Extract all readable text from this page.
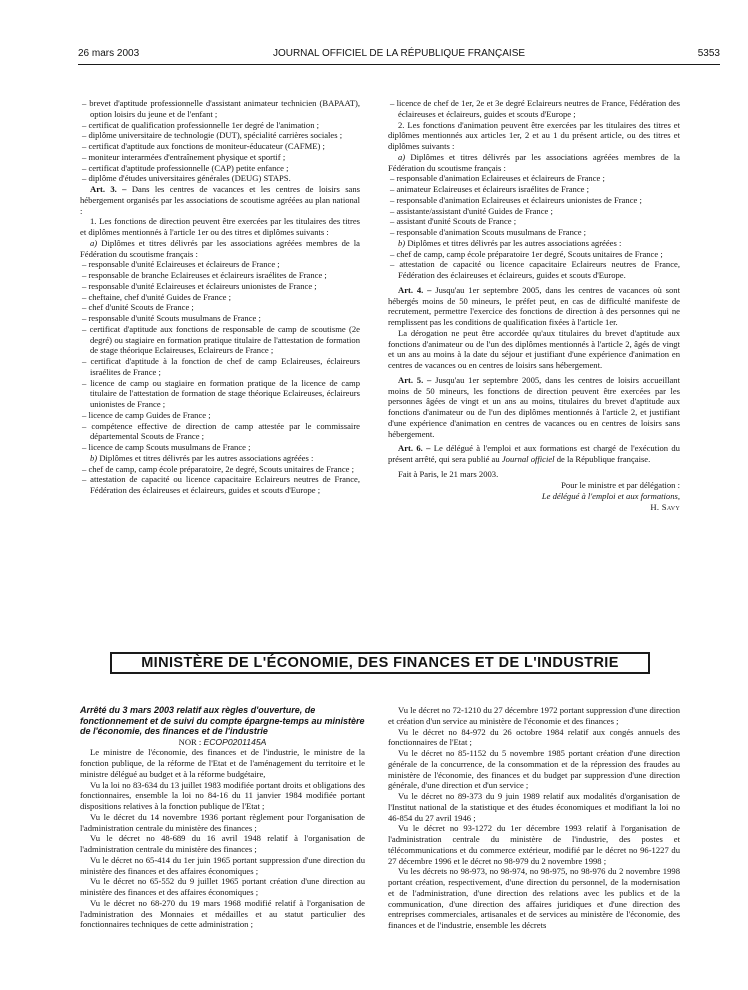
26 mars 2003	JOURNAL OFFICIEL DE LA RÉPUBLIQUE FRANÇAISE	5353

– brevet d'aptitude professionnelle d'assistant animateur technicien (BAPAAT), option loisirs du jeune et de l'enfant ;

– certificat de qualification professionnelle 1er degré de l'animation ;

– diplôme universitaire de technologie (DUT), spécialité carrières sociales ;

– certificat d'aptitude aux fonctions de moniteur-éducateur (CAFME) ;

– moniteur interarmées d'entraînement physique et sportif ;

– certificat d'aptitude professionnelle (CAP) petite enfance ;

– diplôme d'études universitaires générales (DEUG) STAPS.

Art. 3. – Dans les centres de vacances et les centres de loisirs sans hébergement organisés par les associations de scoutisme agréées au plan national :

1. Les fonctions de direction peuvent être exercées par les titulaires des titres et diplômes mentionnés à l'article 1er ou des titres et diplômes suivants :

a) Diplômes et titres délivrés par les associations agréées membres de la Fédération du scoutisme français :

– responsable d'unité Eclaireuses et éclaireurs de France ;

– responsable de branche Eclaireuses et éclaireurs israélites de France ;

– responsable d'unité Eclaireuses et éclaireurs unionistes de France ;

– cheftaine, chef d'unité Guides de France ;

– chef d'unité Scouts de France ;

– responsable d'unité Scouts musulmans de France ;

– certificat d'aptitude aux fonctions de responsable de camp de scoutisme (2e degré) ou stagiaire en formation pratique titulaire de l'attestation de formation de stage théorique Eclaireuses, Eclaireurs de France ;

– certificat d'aptitude à la fonction de chef de camp Eclaireuses, éclaireurs israélites de France ;

– licence de camp ou stagiaire en formation pratique de la licence de camp titulaire de l'attestation de formation de stage théorique Eclaireuses, éclaireurs unionistes de France ;

– licence de camp Guides de France ;

– compétence effective de direction de camp attestée par le commissaire départemental Scouts de France ;

– licence de camp Scouts musulmans de France ;

b) Diplômes et titres délivrés par les autres associations agréées :

– chef de camp, camp école préparatoire, 2e degré, Scouts unitaires de France ;

– attestation de capacité ou licence capacitaire Eclaireurs neutres de France, Fédération des éclaireuses et éclaireurs, guides et scouts d'Europe ;

– licence de chef de 1er, 2e et 3e degré Eclaireurs neutres de France, Fédération des éclaireuses et éclaireurs, guides et scouts d'Europe ;

2. Les fonctions d'animation peuvent être exercées par les titulaires des titres et diplômes mentionnés aux articles 1er, 2 et au 1 du présent article, ou des titres et diplômes suivants :

a) Diplômes et titres délivrés par les associations agréées membres de la Fédération du scoutisme français :

– responsable d'animation Eclaireuses et éclaireurs de France ;

– animateur Eclaireuses et éclaireurs israélites de France ;

– responsable d'animation Eclaireuses et éclaireurs unionistes de France ;

– assistante/assistant d'unité Guides de France ;

– assistant d'unité Scouts de France ;

– responsable d'animation Scouts musulmans de France ;

b) Diplômes et titres délivrés par les autres associations agréées :

– chef de camp, camp école préparatoire 1er degré, Scouts unitaires de France ;

– attestation de capacité ou licence capacitaire Eclaireurs neutres de France, Fédération des éclaireuses et éclaireurs, guides et scouts d'Europe.

Art. 4. – Jusqu'au 1er septembre 2005, dans les centres de vacances où sont hébergés moins de 50 mineurs, le préfet peut, en cas de difficulté manifeste de recrutement, permettre l'exercice des fonctions de direction à des personnes qui ne remplissent pas les conditions de qualification fixées à l'article 1er.

La dérogation ne peut être accordée qu'aux titulaires du brevet d'aptitude aux fonctions d'animateur ou de l'un des diplômes mentionnés à l'article 2, âgés de vingt et un ans au moins à la date du séjour et justifiant d'une expérience d'animation en centres de vacances ou en centres de loisirs sans hébergement.

Art. 5. – Jusqu'au 1er septembre 2005, dans les centres de loisirs accueillant moins de 50 mineurs, les fonctions de direction peuvent être exercées par les personnes âgées de vingt et un ans au moins, titulaires du brevet d'aptitude aux fonctions d'animateur ou de l'un des diplômes mentionnés à l'article 2, et justifiant d'une expérience d'animation en centres de vacances ou en centres de loisirs sans hébergement.

Art. 6. – Le délégué à l'emploi et aux formations est chargé de l'exécution du présent arrêté, qui sera publié au Journal officiel de la République française.

Fait à Paris, le 21 mars 2003.

Pour le ministre et par délégation :
Le délégué à l'emploi et aux formations,
H. Savy
MINISTÈRE DE L'ÉCONOMIE, DES FINANCES ET DE L'INDUSTRIE

Arrêté du 3 mars 2003 relatif aux règles d'ouverture, de fonctionnement et de suivi du compte épargne-temps au ministère de l'économie, des finances et de l'industrie

NOR : ECOP0201145A

Le ministre de l'économie, des finances et de l'industrie, le ministre de la fonction publique, de la réforme de l'Etat et de l'aménagement du territoire et le ministre délégué au budget et à la réforme budgétaire,

Vu la loi no 83-634 du 13 juillet 1983 modifiée portant droits et obligations des fonctionnaires, ensemble la loi no 84-16 du 11 janvier 1984 modifiée portant dispositions relatives à la fonction publique de l'Etat ;

Vu le décret du 14 novembre 1936 portant règlement pour l'organisation de l'administration centrale du ministère des finances ;

Vu le décret no 48-689 du 16 avril 1948 relatif à l'organisation de l'administration centrale du ministère des finances ;

Vu le décret no 65-414 du 1er juin 1965 portant suppression d'une direction du ministère des finances et des affaires économiques ;

Vu le décret no 65-552 du 9 juillet 1965 portant création d'une direction au ministère des finances et des affaires économiques ;

Vu le décret no 68-270 du 19 mars 1968 modifié relatif à l'organisation de l'administration des Monnaies et médailles et au statut particulier des fonctionnaires techniques de cette administration ;

Vu le décret no 72-1210 du 27 décembre 1972 portant suppression d'une direction et création d'un service au ministère de l'économie et des finances ;

Vu le décret no 84-972 du 26 octobre 1984 relatif aux congés annuels des fonctionnaires de l'Etat ;

Vu le décret no 85-1152 du 5 novembre 1985 portant création d'une direction générale de la concurrence, de la consommation et de la répression des fraudes au ministère de l'économie, des finances et du budget par suppression d'une direction générale, d'une direction et d'un service ;

Vu le décret no 89-373 du 9 juin 1989 relatif aux modalités d'organisation de l'Institut national de la statistique et des études économiques et modifiant la loi no 46-854 du 27 avril 1946 ;

Vu le décret no 93-1272 du 1er décembre 1993 relatif à l'organisation de l'administration centrale du ministère de l'industrie, des postes et télécommunications et du commerce extérieur, modifié par le décret no 96-1227 du 27 décembre 1996 et le décret no 98-979 du 2 novembre 1998 ;

Vu les décrets no 98-973, no 98-974, no 98-975, no 98-976 du 2 novembre 1998 portant création, respectivement, d'une direction du personnel, de la modernisation et de l'administration, d'une direction des relations avec les publics et de la communication, d'une direction des affaires juridiques et d'une direction des entreprises commerciales, artisanales et de services au ministère de l'économie, des finances et de l'industrie, ensemble les décrets
